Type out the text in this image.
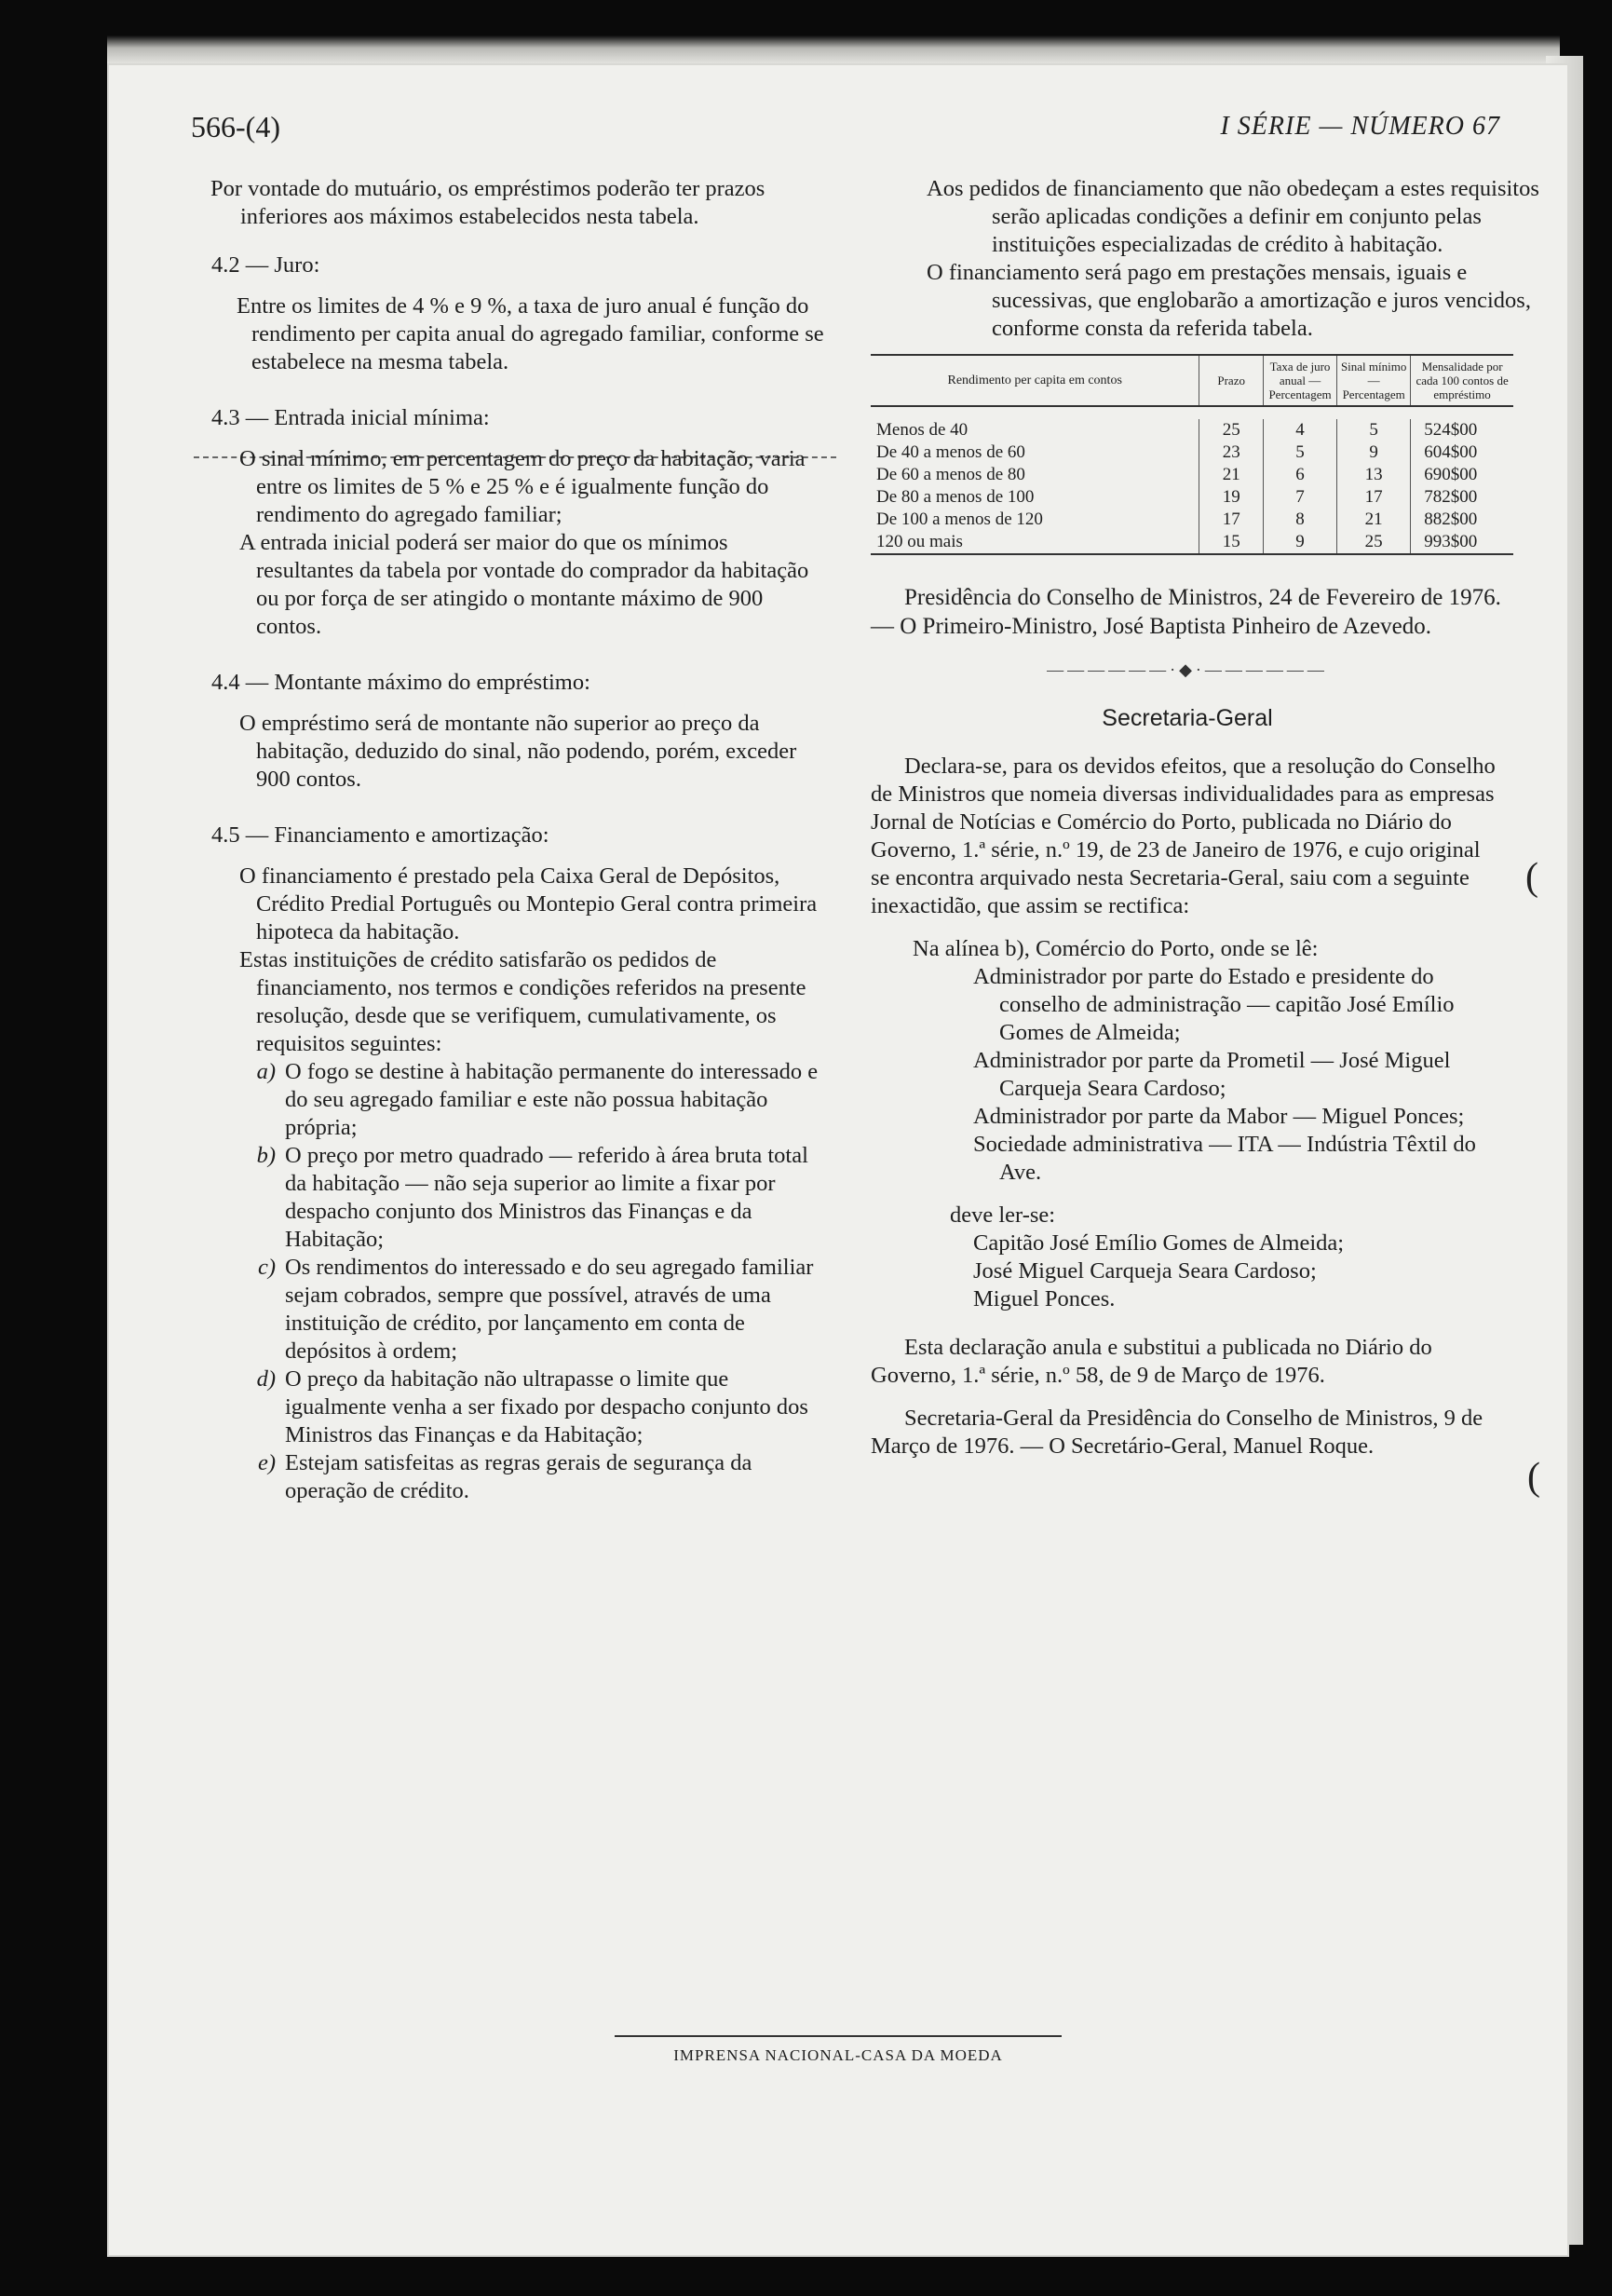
566-(4)	I SÉRIE — NÚMERO 67

Por vontade do mutuário, os empréstimos poderão ter prazos inferiores aos máximos estabelecidos nesta tabela.

4.2 — Juro:

Entre os limites de 4 % e 9 %, a taxa de juro anual é função do rendimento per capita anual do agregado familiar, conforme se estabelece na mesma tabela.

4.3 — Entrada inicial mínima:

O sinal mínimo, em percentagem do preço da habitação, varia entre os limites de 5 % e 25 % e é igualmente função do rendimento do agregado familiar;

A entrada inicial poderá ser maior do que os mínimos resultantes da tabela por vontade do comprador da habitação ou por força de ser atingido o montante máximo de 900 contos.

4.4 — Montante máximo do empréstimo:

O empréstimo será de montante não superior ao preço da habitação, deduzido do sinal, não podendo, porém, exceder 900 contos.

4.5 — Financiamento e amortização:

O financiamento é prestado pela Caixa Geral de Depósitos, Crédito Predial Português ou Montepio Geral contra primeira hipoteca da habitação.

Estas instituições de crédito satisfarão os pedidos de financiamento, nos termos e condições referidos na presente resolução, desde que se verifiquem, cumulativamente, os requisitos seguintes:

a) O fogo se destine à habitação permanente do interessado e do seu agregado familiar e este não possua habitação própria;
b) O preço por metro quadrado — referido à área bruta total da habitação — não seja superior ao limite a fixar por despacho conjunto dos Ministros das Finanças e da Habitação;
c) Os rendimentos do interessado e do seu agregado familiar sejam cobrados, sempre que possível, através de uma instituição de crédito, por lançamento em conta de depósitos à ordem;
d) O preço da habitação não ultrapasse o limite que igualmente venha a ser fixado por despacho conjunto dos Ministros das Finanças e da Habitação;
e) Estejam satisfeitas as regras gerais de segurança da operação de crédito.

Aos pedidos de financiamento que não obedeçam a estes requisitos serão aplicadas condições a definir em conjunto pelas instituições especializadas de crédito à habitação.

O financiamento será pago em prestações mensais, iguais e sucessivas, que englobarão a amortização e juros vencidos, conforme consta da referida tabela.

Rendimento per capita em contos	Prazo	Taxa de juro anual — Percentagem	Sinal mínimo — Percentagem	Mensalidade por cada 100 contos de empréstimo

Menos de 40	25	4	5	524$00
De 40 a menos de 60	23	5	9	604$00
De 60 a menos de 80	21	6	13	690$00
De 80 a menos de 100	19	7	17	782$00
De 100 a menos de 120	17	8	21	882$00
120 ou mais	15	9	25	993$00

Presidência do Conselho de Ministros, 24 de Fevereiro de 1976. — O Primeiro-Ministro, José Baptista Pinheiro de Azevedo.

——————·◆·——————
Secretaria-Geral

Declara-se, para os devidos efeitos, que a resolução do Conselho de Ministros que nomeia diversas individualidades para as empresas Jornal de Notícias e Comércio do Porto, publicada no Diário do Governo, 1.ª série, n.º 19, de 23 de Janeiro de 1976, e cujo original se encontra arquivado nesta Secretaria-Geral, saiu com a seguinte inexactidão, que assim se rectifica:

Na alínea b), Comércio do Porto, onde se lê:

Administrador por parte do Estado e presidente do conselho de administração — capitão José Emílio Gomes de Almeida;

Administrador por parte da Prometil — José Miguel Carqueja Seara Cardoso;

Administrador por parte da Mabor — Miguel Ponces;

Sociedade administrativa — ITA — Indústria Têxtil do Ave.

deve ler-se:

Capitão José Emílio Gomes de Almeida;

José Miguel Carqueja Seara Cardoso;

Miguel Ponces.

Esta declaração anula e substitui a publicada no Diário do Governo, 1.ª série, n.º 58, de 9 de Março de 1976.

Secretaria-Geral da Presidência do Conselho de Ministros, 9 de Março de 1976. — O Secretário-Geral, Manuel Roque.

IMPRENSA NACIONAL-CASA DA MOEDA
(
(
